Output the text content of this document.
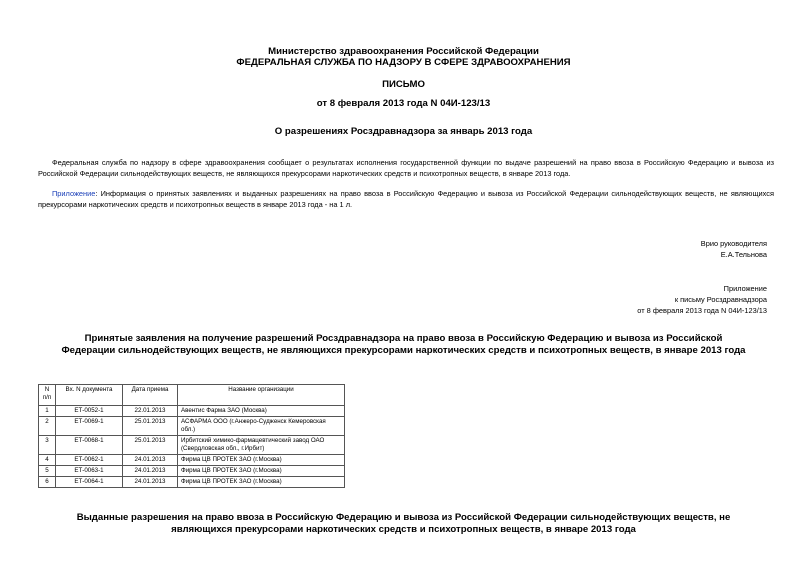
Министерство здравоохранения Российской Федерации
ФЕДЕРАЛЬНАЯ СЛУЖБА ПО НАДЗОРУ В СФЕРЕ ЗДРАВООХРАНЕНИЯ
ПИСЬМО
от 8 февраля 2013 года N 04И-123/13
О разрешениях Росздравнадзора за январь 2013 года
Федеральная служба по надзору в сфере здравоохранения сообщает о результатах исполнения государственной функции по выдаче разрешений на право ввоза в Российскую Федерацию и вывоза из Российской Федерации сильнодействующих веществ, не являющихся прекурсорами наркотических средств и психотропных веществ, в январе 2013 года.
Приложение: Информация о принятых заявлениях и выданных разрешениях на право ввоза в Российскую Федерацию и вывоза из Российской Федерации сильнодействующих веществ, не являющихся прекурсорами наркотических средств и психотропных веществ в январе 2013 года - на 1 л.
Врио руководителя
Е.А.Тельнова
Приложение
к письму Росздравнадзора
от 8 февраля 2013 года N 04И-123/13
Принятые заявления на получение разрешений Росздравнадзора на право ввоза в Российскую Федерацию и вывоза из Российской Федерации сильнодействующих веществ, не являющихся прекурсорами наркотических средств и психотропных веществ, в январе 2013 года
N п/п	Вх. N документа	Дата приема	Название организации
1	ЕТ-0052-1	22.01.2013	Авентис Фарма ЗАО (Москва)
2	ЕТ-0069-1	25.01.2013	АСФАРМА ООО (г.Анжеро-Судженск Кемеровская обл.)
3	ЕТ-0068-1	25.01.2013	Ирбитский химико-фармацевтический завод ОАО (Свердловская обл., г.Ирбит)
4	ЕТ-0062-1	24.01.2013	Фирма ЦВ ПРОТЕК ЗАО (г.Москва)
5	ЕТ-0063-1	24.01.2013	Фирма ЦВ ПРОТЕК ЗАО (г.Москва)
6	ЕТ-0064-1	24.01.2013	Фирма ЦВ ПРОТЕК ЗАО (г.Москва)
Выданные разрешения на право ввоза в Российскую Федерацию и вывоза из Российской Федерации сильнодействующих веществ, не являющихся прекурсорами наркотических средств и психотропных веществ, в январе 2013 года
